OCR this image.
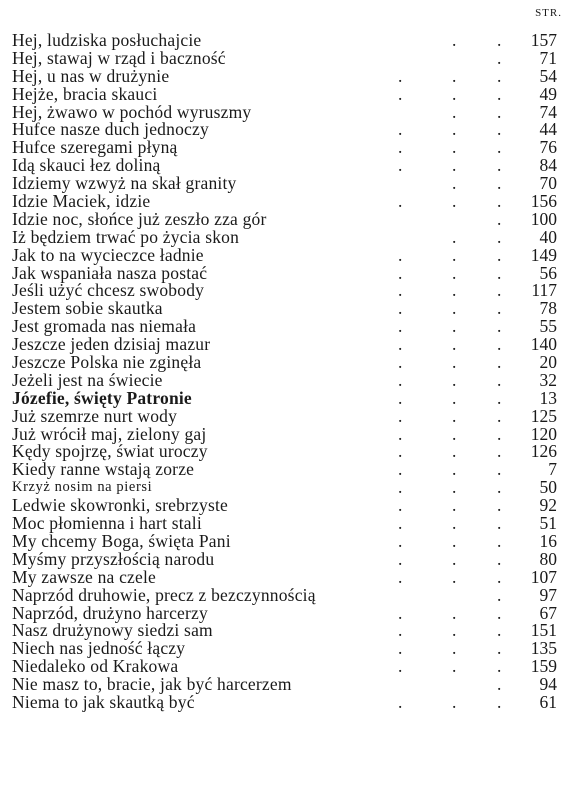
STR.
Hej, ludziska posłuchajcie	. . 157
Hej, stawaj w rząd i baczność	. 71
Hej, u nas w drużynie	.	. . 54
Hejże, bracia skauci	.	. . 49
Hej, żwawo w pochód wyruszmy	. . 74
Hufce nasze duch jednoczy	.	. . 44
Hufce szeregami płyną	.	. . 76
Idą skauci łez doliną	.	. . 84
Idziemy wzwyż na skał granity	. . 70
Idzie Maciek, idzie	.	. . 156
Idzie noc, słońce już zeszło zza gór	. 100
Iż będziem trwać po życia skon	. . 40
Jak to na wycieczce ładnie	.	. . 149
Jak wspaniała nasza postać	.	. . 56
Jeśli użyć chcesz swobody	.	. . 117
Jestem sobie skautka	.	. . 78
Jest gromada nas niemała	.	. . 55
Jeszcze jeden dzisiaj mazur	.	. . 140
Jeszcze Polska nie zginęła	.	. . 20
Jeżeli jest na świecie	.	. . 32
Józefie, święty Patronie	.	. . 13
Już szemrze nurt wody	.	. . 125
Już wrócił maj, zielony gaj	.	. . 120
Kędy spojrzę, świat uroczy	.	. . 126
Kiedy ranne wstają zorze	.	. .	7
Krzyż nosim na piersi	.	. . 50
Ledwie skowronki, srebrzyste	.	. . 92
Moc płomienna i hart stali	.	. . 51
My chcemy Boga, święta Pani	.	. . 16
Myśmy przyszłością narodu	.	. . 80
My zawsze na czele	.	. . 107
Naprzód druhowie, precz z bezczynnością	. 97
Naprzód, drużyno harcerzy	.	. . 67
Nasz drużynowy siedzi sam	.	. . 151
Niech nas jedność łączy	.	. . 135
Niedaleko od Krakowa	.	. . 159
Nie masz to, bracie, jak być harcerzem	. 94
Niema to jak skautką być	.	. . 61
